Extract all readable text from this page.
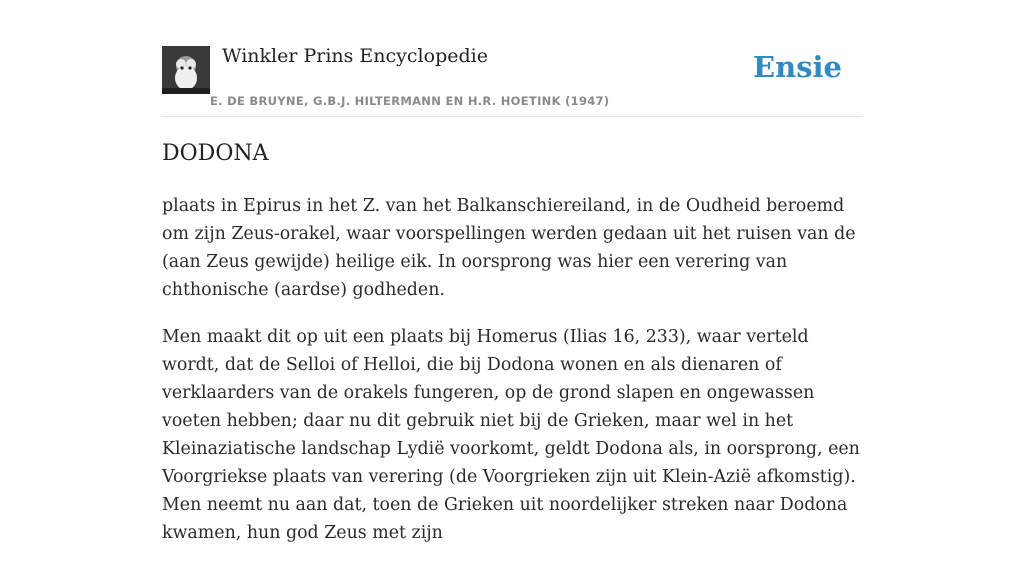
Winkler Prins Encyclopedie
E. DE BRUYNE, G.B.J. HILTERMANN EN H.R. HOETINK (1947)
Ensie
DODONA

plaats in Epirus in het Z. van het Balkanschiereiland, in de Oudheid beroemd om zijn Zeus-orakel, waar voorspellingen werden gedaan uit het ruisen van de (aan Zeus gewijde) heilige eik. In oorsprong was hier een verering van chthonische (aardse) godheden.

Men maakt dit op uit een plaats bij Homerus (Ilias 16, 233), waar verteld wordt, dat de Selloi of Helloi, die bij Dodona wonen en als dienaren of verklaarders van de orakels fungeren, op de grond slapen en ongewassen voeten hebben; daar nu dit gebruik niet bij de Grieken, maar wel in het Kleinaziatische landschap Lydië voorkomt, geldt Dodona als, in oorsprong, een Voorgriekse plaats van verering (de Voorgrieken zijn uit Klein-Azië afkomstig). Men neemt nu aan dat, toen de Grieken uit noordelijker streken naar Dodona kwamen, hun god Zeus met zijn
